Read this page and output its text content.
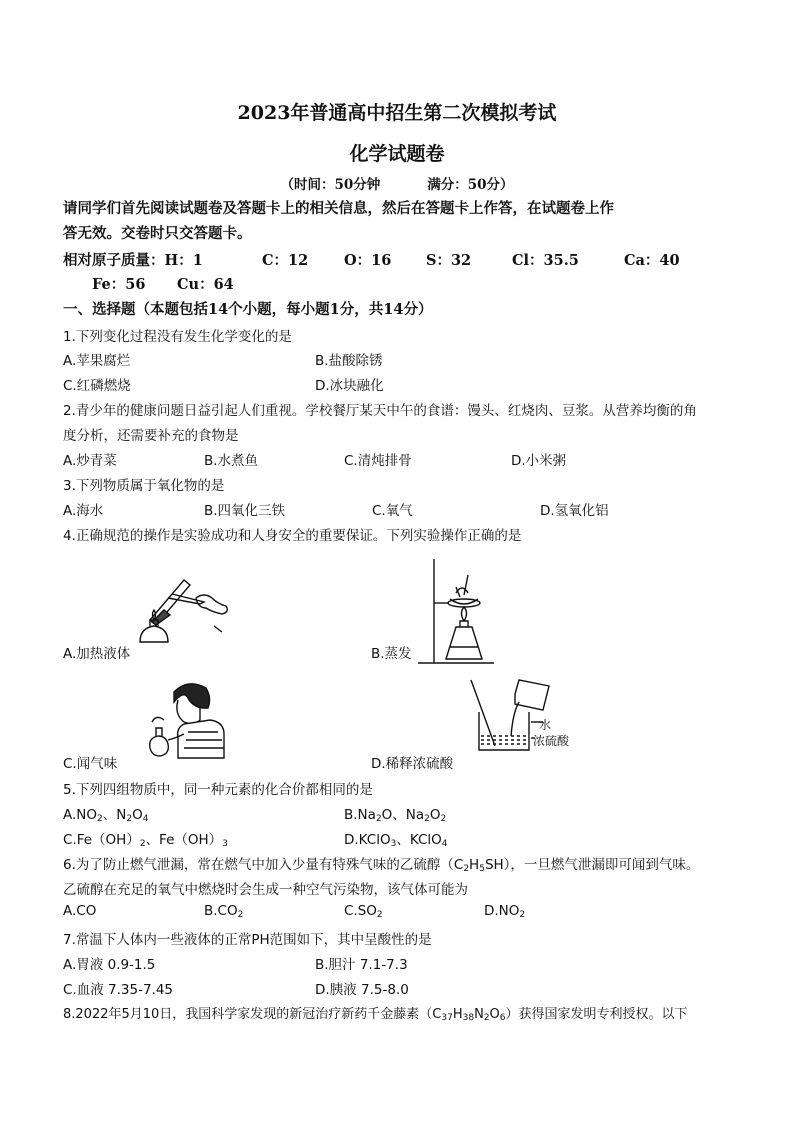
2023年普通高中招生第二次模拟考试
化学试题卷
（时间：50分钟          满分：50分）
请同学们首先阅读试题卷及答题卡上的相关信息，然后在答题卡上作答，在试题卷上作
答无效。交卷时只交答题卡。
相对原子质量：H：1	C：12 O：16 S：32	Cl：35.5	Ca：40
Fe：56 Cu：64
一、选择题（本题包括14个小题，每小题1分，共14分）
1.下列变化过程没有发生化学变化的是
A.苹果腐烂	B.盐酸除锈
C.红磷燃烧	D.冰块融化
2.青少年的健康问题日益引起人们重视。学校餐厅某天中午的食谱：馒头、红烧肉、豆浆。从营养均衡的角
度分析，还需要补充的食物是
A.炒青菜	B.水煮鱼	C.清炖排骨	D.小米粥
3.下列物质属于氧化物的是
A.海水	B.四氧化三铁	C.氧气	D.氢氧化铝
4.正确规范的操作是实验成功和人身安全的重要保证。下列实验操作正确的是
A.加热液体	B.蒸发
C.闻气味
水
浓硫酸
D.稀释浓硫酸
5.下列四组物质中，同一种元素的化合价都相同的是
$A.NO_2$、$N_2O_4$	$B.Na_2O$、$Na_2O_2$
$C.Fe(OH)_2$、$Fe(OH)_3$	D.KClO$_3$、KClO$_4$
6.为了防止燃气泄漏，常在燃气中加入少量有特殊气味的乙硫醇$(C_2H_5SH)$，一旦燃气泄漏即可闻到气味。
乙硫醇在充足的氧气中燃烧时会生成一种空气污染物，该气体可能为
A.CO	$B.CO_2$	$C.SO_2$	$D.NO_2$
7.常温下人体内一些液体的正常PH范围如下，其中呈酸性的是
A.胃液 0.9-1.5	B.胆汁 7.1-7.3
C.血液 7.35-7.45	D.胰液 7.5-8.0
8.2022年5月10日，我国科学家发现的新冠治疗新药千金藤素$(C_{37}H_{38}N_2O_6)$获得国家发明专利授权。以下
